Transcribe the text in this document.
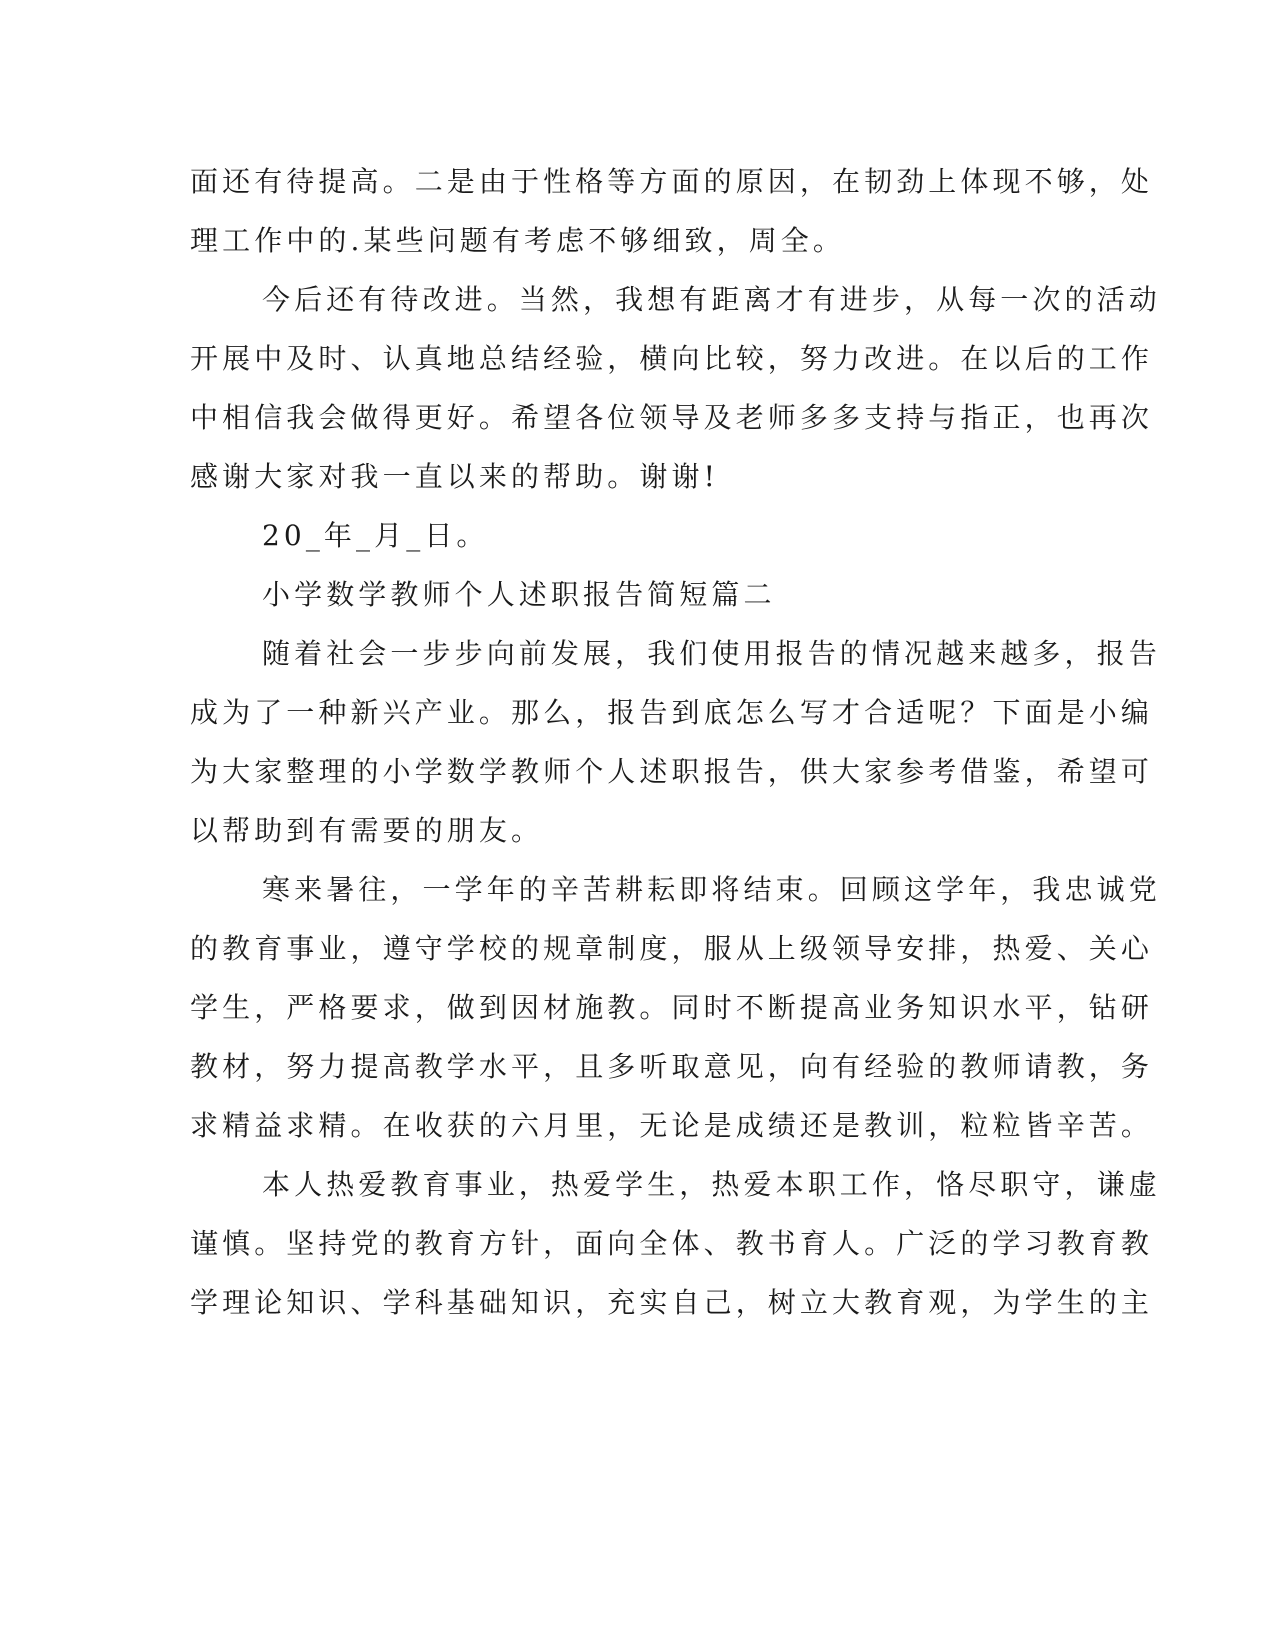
面还有待提高。二是由于性格等方面的原因，在韧劲上体现不够，处
理工作中的.某些问题有考虑不够细致，周全。
今后还有待改进。当然，我想有距离才有进步，从每一次的活动
开展中及时、认真地总结经验，横向比较，努力改进。在以后的工作
中相信我会做得更好。希望各位领导及老师多多支持与指正，也再次
感谢大家对我一直以来的帮助。谢谢!
20_年_月_日。
小学数学教师个人述职报告简短篇二
随着社会一步步向前发展，我们使用报告的情况越来越多，报告
成为了一种新兴产业。那么，报告到底怎么写才合适呢？下面是小编
为大家整理的小学数学教师个人述职报告，供大家参考借鉴，希望可
以帮助到有需要的朋友。
寒来暑往，一学年的辛苦耕耘即将结束。回顾这学年，我忠诚党
的教育事业，遵守学校的规章制度，服从上级领导安排，热爱、关心
学生，严格要求，做到因材施教。同时不断提高业务知识水平，钻研
教材，努力提高教学水平，且多听取意见，向有经验的教师请教，务
求精益求精。在收获的六月里，无论是成绩还是教训，粒粒皆辛苦。
本人热爱教育事业，热爱学生，热爱本职工作，恪尽职守，谦虚
谨慎。坚持党的教育方针，面向全体、教书育人。广泛的学习教育教
学理论知识、学科基础知识，充实自己，树立大教育观，为学生的主
